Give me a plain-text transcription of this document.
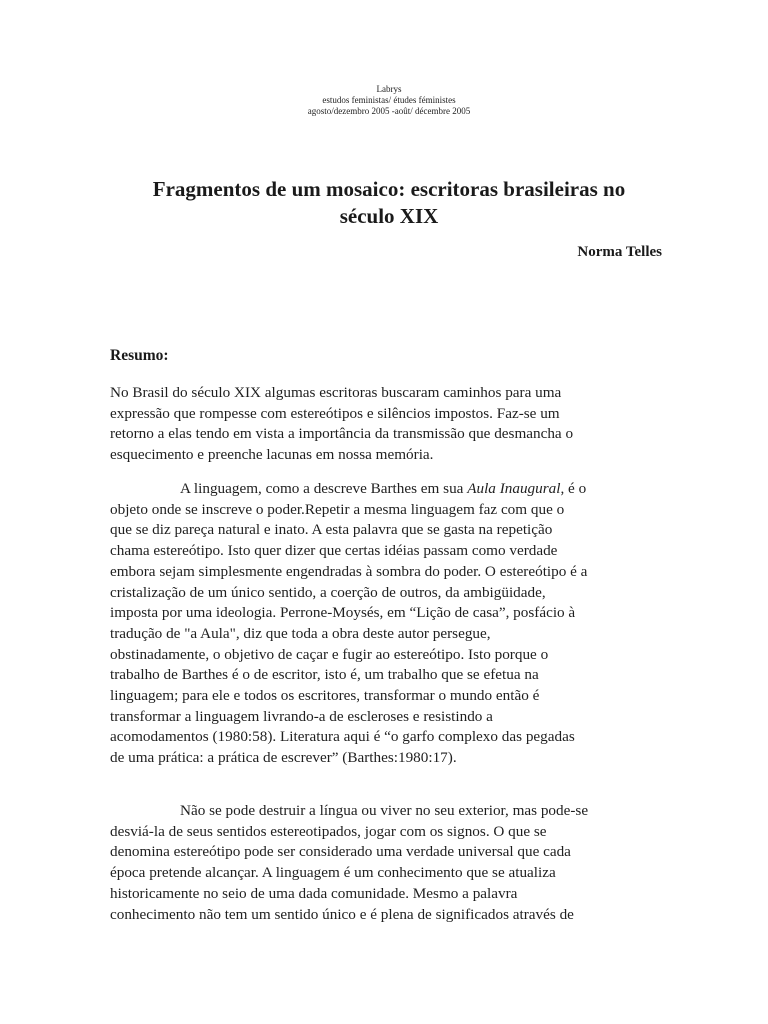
Labrys
estudos feministas/ études féministes
agosto/dezembro 2005 -août/ décembre 2005
Fragmentos de um mosaico: escritoras brasileiras no
século XIX
Norma Telles
Resumo:
No Brasil do século XIX algumas escritoras buscaram caminhos para uma
expressão que rompesse com estereótipos e silêncios impostos. Faz-se um
retorno a elas tendo em vista a importância da transmissão que desmancha o
esquecimento e preenche lacunas em nossa memória.
A linguagem, como a descreve Barthes em sua Aula Inaugural, é o
objeto onde se inscreve o poder.Repetir a mesma linguagem faz com que o
que se diz pareça natural e inato. A esta palavra que se gasta na repetição
chama estereótipo. Isto quer dizer que certas idéias passam como verdade
embora sejam simplesmente engendradas à sombra do poder. O estereótipo é a
cristalização de um único sentido, a coerção de outros, da ambigüidade,
imposta por uma ideologia. Perrone-Moysés, em “Lição de casa”, posfácio à
tradução de "a Aula", diz que toda a obra deste autor persegue,
obstinadamente, o objetivo de caçar e fugir ao estereótipo. Isto porque o
trabalho de Barthes é o de escritor, isto é, um trabalho que se efetua na
linguagem; para ele e todos os escritores, transformar o mundo então é
transformar a linguagem livrando-a de escleroses e resistindo a
acomodamentos (1980:58). Literatura aqui é “o garfo complexo das pegadas
de uma prática: a prática de escrever” (Barthes:1980:17).
Não se pode destruir a língua ou viver no seu exterior, mas pode-se
desviá-la de seus sentidos estereotipados, jogar com os signos. O que se
denomina estereótipo pode ser considerado uma verdade universal que cada
época pretende alcançar. A linguagem é um conhecimento que se atualiza
historicamente no seio de uma dada comunidade. Mesmo a palavra
conhecimento não tem um sentido único e é plena de significados através de
